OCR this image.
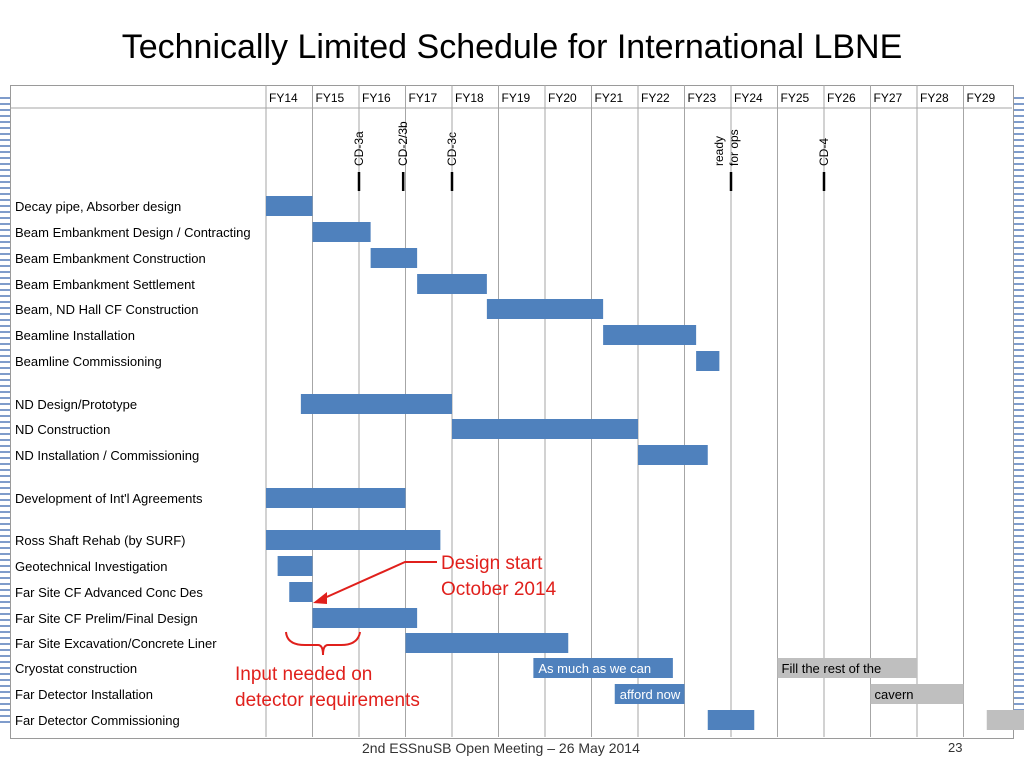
Technically Limited Schedule for International LBNE
FY14 FY15 FY16 FY17 FY18 FY19 FY20 FY21 FY22 FY23 FY24 FY25 FY26 FY27 FY28 FY29
CD-3a	CD-2/3b	CD-3c	ready for ops	CD-4
Decay pipe, Absorber design
Beam Embankment Design / Contracting
Beam Embankment Construction
Beam Embankment Settlement
Beam, ND Hall CF Construction
Beamline Installation
Beamline Commissioning
ND Design/Prototype
ND Construction
ND Installation / Commissioning
Development of Int'l Agreements
Ross Shaft Rehab (by SURF)
Geotechnical Investigation
Far Site CF Advanced Conc Des
Far Site CF Prelim/Final Design
Far Site Excavation/Concrete Liner
Cryostat construction	As much as we can
Far Detector Installation	afford now
Far Detector Commissioning
Fill the rest of the
cavern
Design start
October 2014
Input needed on
detector requirements
2nd ESSnuSB Open Meeting – 26 May 2014	23
